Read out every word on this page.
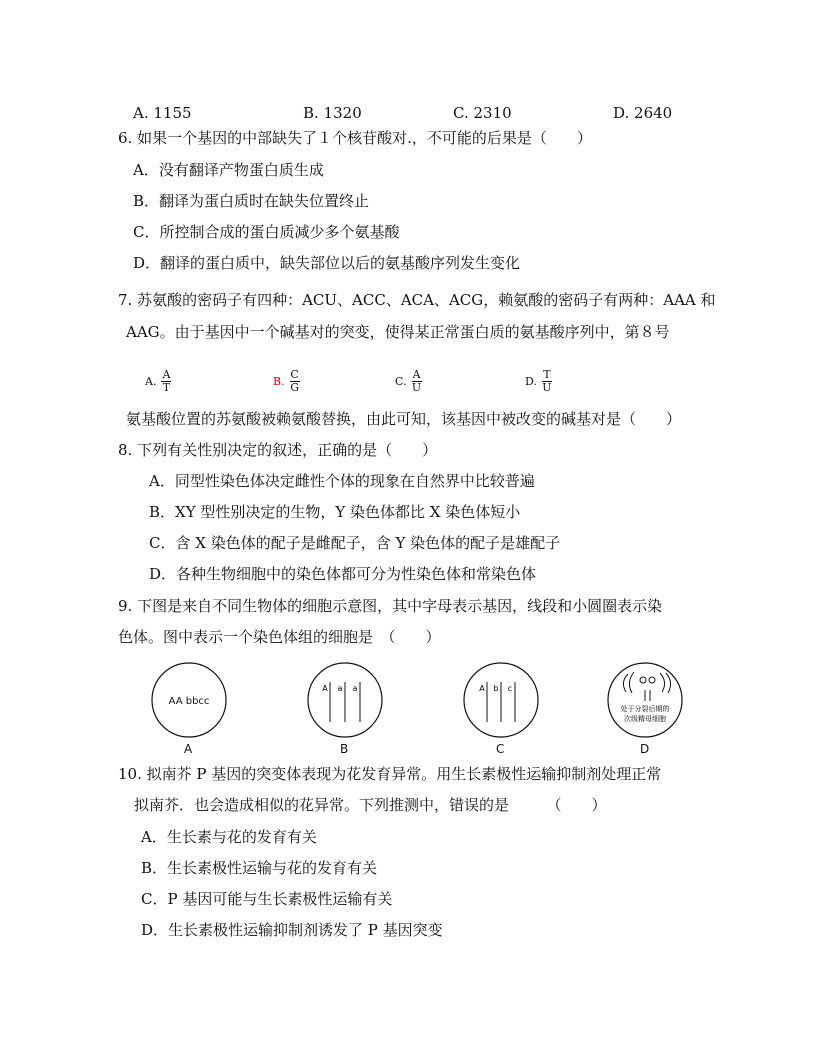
A. 1155	B. 1320	C. 2310	D. 2640
6. 如果一个基因的中部缺失了１个核苷酸对.，不可能的后果是（　　）
A．没有翻译产物蛋白质生成
B．翻译为蛋白质时在缺失位置终止
C．所控制合成的蛋白质减少多个氨基酸
D．翻译的蛋白质中，缺失部位以后的氨基酸序列发生变化
7. 苏氨酸的密码子有四种：ACU、ACC、ACA、ACG，赖氨酸的密码子有两种：AAA 和
AAG。由于基因中一个碱基对的突变，使得某正常蛋白质的氨基酸序列中，第８号
A.
A
T	B.
C
G	C.
A
U	D.
T
U
氨基酸位置的苏氨酸被赖氨酸替换，由此可知，该基因中被改变的碱基对是（　　）
8. 下列有关性别决定的叙述，正确的是（　　）
A．同型性染色体决定雌性个体的现象在自然界中比较普遍
B．XY 型性别决定的生物，Y 染色体都比 X 染色体短小
C．含 X 染色体的配子是雌配子，含 Y 染色体的配子是雄配子
D．各种生物细胞中的染色体都可分为性染色体和常染色体
9. 下图是来自不同生物体的细胞示意图，其中字母表示基因，线段和小圆圈表示染
色体。图中表示一个染色体组的细胞是　（　　）
AA bbcc
A a a	A b c
处于分裂后期的
次级精母细胞
A	B	C	D
10. 拟南芥 P 基因的突变体表现为花发育异常。用生长素极性运输抑制剂处理正常
拟南芥．也会造成相似的花异常。下列推测中，错误的是　　　（　　）
A．生长素与花的发育有关
B．生长素极性运输与花的发育有关
C．P 基因可能与生长素极性运输有关
D．生长素极性运输抑制剂诱发了 P 基因突变
